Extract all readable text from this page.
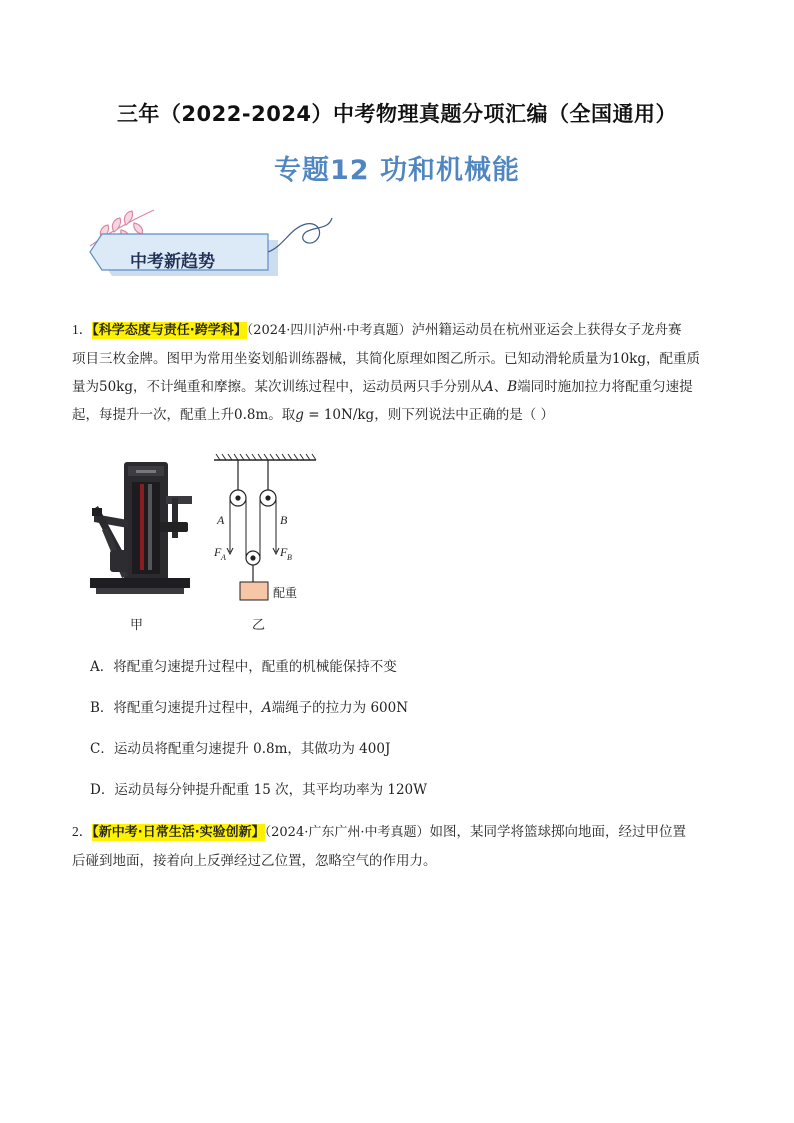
三年（2022-2024）中考物理真题分项汇编（全国通用）
专题12 功和机械能
中考新趋势
1．【科学态度与责任·跨学科】（2024·四川泸州·中考真题）泸州籍运动员在杭州亚运会上获得女子龙舟赛
项目三枚金牌。图甲为常用坐姿划船训练器械，其简化原理如图乙所示。已知动滑轮质量为10kg，配重质
量为50kg，不计绳重和摩擦。某次训练过程中，运动员两只手分别从A、B端同时施加拉力将配重匀速提
起，每提升一次，配重上升0.8m。取g = 10N/kg，则下列说法中正确的是（ ）
甲
A	B
F A	F B
配重
乙
A．将配重匀速提升过程中，配重的机械能保持不变
B．将配重匀速提升过程中，A端绳子的拉力为 600N
C．运动员将配重匀速提升 0.8m，其做功为 400J
D．运动员每分钟提升配重 15 次，其平均功率为 120W
2．【新中考·日常生活·实验创新】（2024·广东广州·中考真题）如图，某同学将篮球掷向地面，经过甲位置
后碰到地面，接着向上反弹经过乙位置，忽略空气的作用力。
